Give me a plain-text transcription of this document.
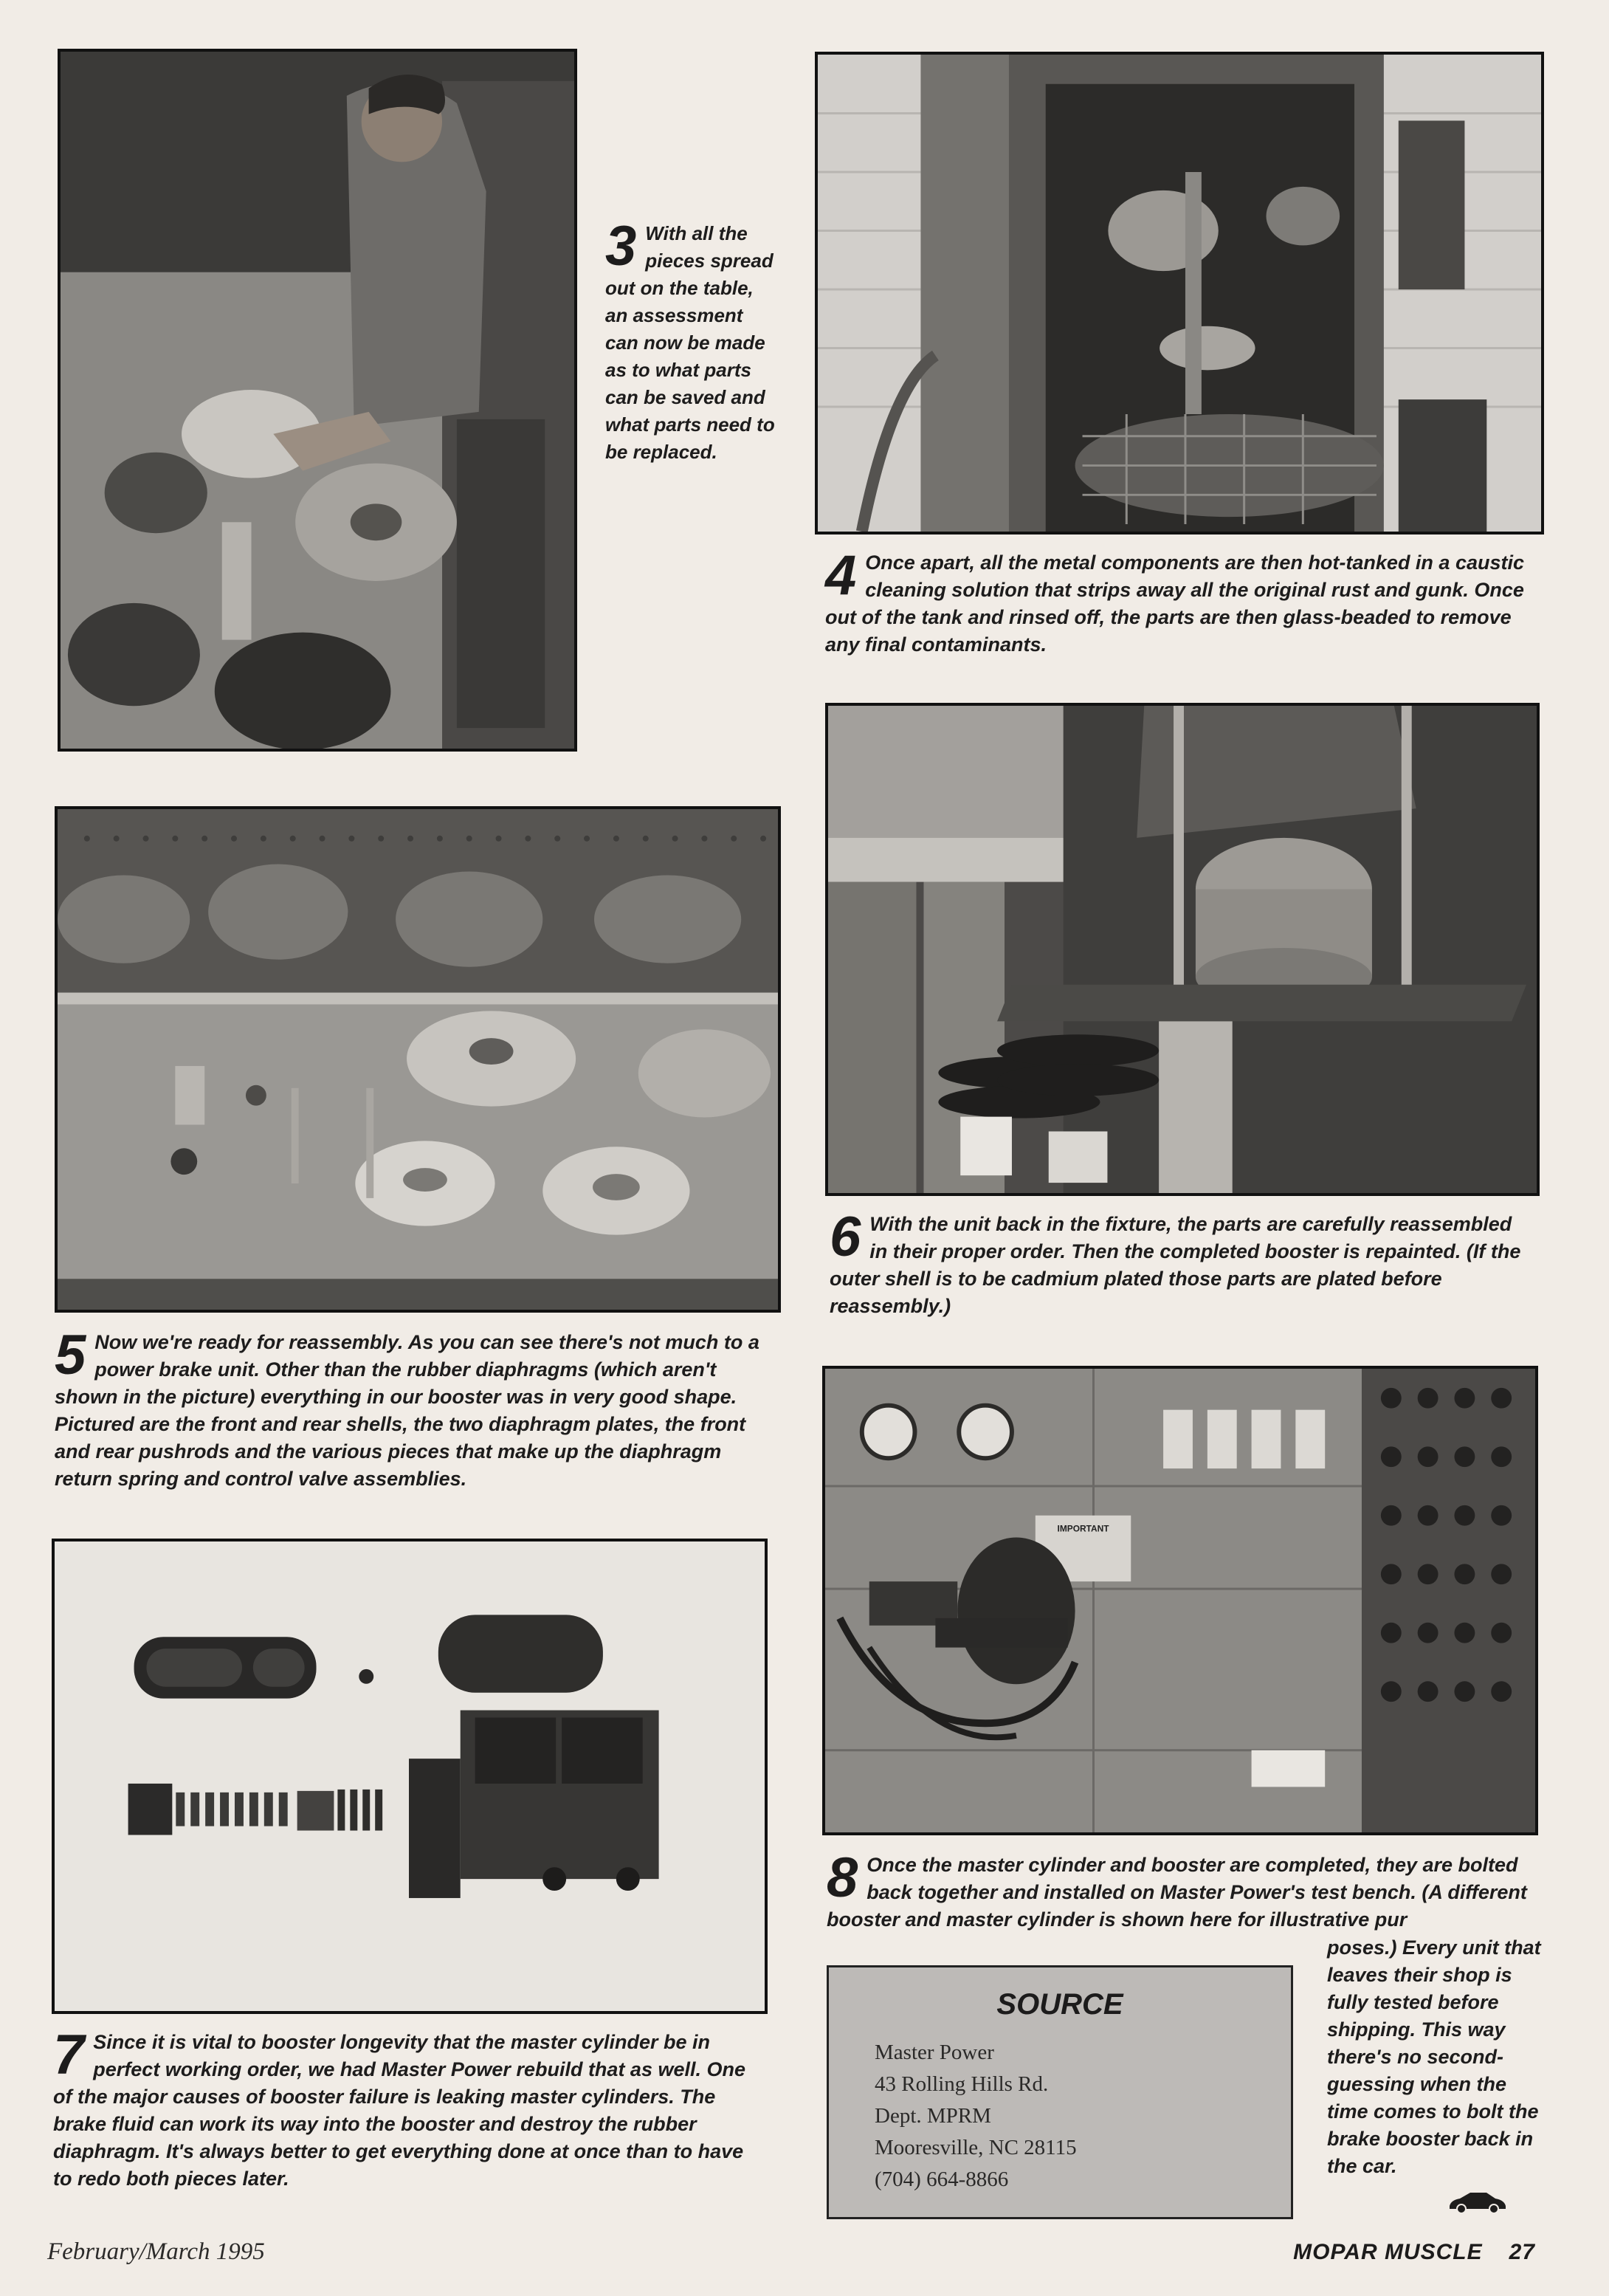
3 With all the pieces spread out on the table, an assessment can now be made as to what parts can be saved and what parts need to be replaced.
4 Once apart, all the metal components are then hot-tanked in a caustic cleaning solution that strips away all the original rust and gunk. Once out of the tank and rinsed off, the parts are then glass-beaded to remove any final contaminants.
5 Now we're ready for reassembly. As you can see there's not much to a power brake unit. Other than the rubber diaphragms (which aren't shown in the picture) everything in our booster was in very good shape. Pictured are the front and rear shells, the two diaphragm plates, the front and rear pushrods and the various pieces that make up the diaphragm return spring and control valve assemblies.
6 With the unit back in the fixture, the parts are carefully reassembled in their proper order. Then the completed booster is repainted. (If the outer shell is to be cadmium plated those parts are plated before reassembly.)
7 Since it is vital to booster longevity that the master cylinder be in perfect working order, we had Master Power rebuild that as well. One of the major causes of booster failure is leaking master cylinders. The brake fluid can work its way into the booster and destroy the rubber diaphragm. It's always better to get everything done at once than to have to redo both pieces later.
IMPORTANT
8 Once the master cylinder and booster are completed, they are bolted back together and installed on Master Power's test bench. (A different booster and master cylinder is shown here for illustrative pur
poses.) Every unit that leaves their shop is fully tested before shipping. This way there's no second-guessing when the time comes to bolt the brake booster back in the car.
SOURCE
Master Power
43 Rolling Hills Rd.
Dept. MPRM
Mooresville, NC 28115
(704) 664-8866
February/March 1995	MOPAR MUSCLE 27
